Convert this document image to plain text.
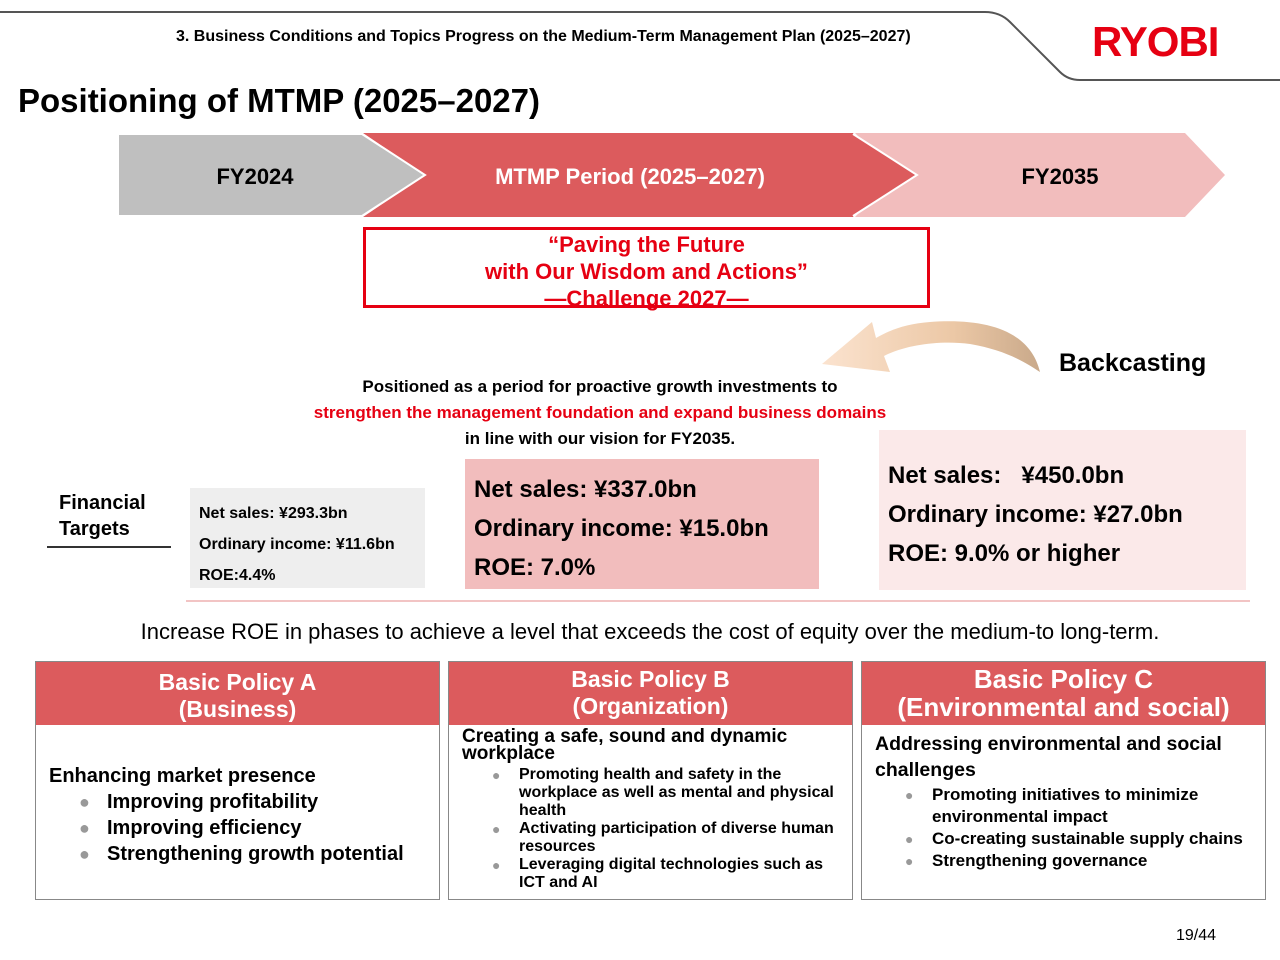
3. Business Conditions and Topics Progress on the Medium-Term Management Plan (2025–2027)	RYOBI
Positioning of MTMP (2025–2027)
FY2024	MTMP Period (2025–2027)	FY2035
“Paving the Future
with Our Wisdom and Actions”
—Challenge 2027—
Backcasting
Positioned as a period for proactive growth investments to
strengthen the management foundation and expand business domains
in line with our vision for FY2035.
Financial
Targets
Net sales: ¥293.3bn
Ordinary income: ¥11.6bn
ROE:4.4%
Net sales: ¥337.0bn
Ordinary income: ¥15.0bn
ROE: 7.0%
Net sales:   ¥450.0bn
Ordinary income: ¥27.0bn
ROE: 9.0% or higher
Increase ROE in phases to achieve a level that exceeds the cost of equity over the medium-to long-term.
Basic Policy A
(Business)
Enhancing market presence
● Improving profitability
● Improving efficiency
● Strengthening growth potential
Basic Policy B
(Organization)
Creating a safe, sound and dynamic workplace
● Promoting health and safety in the workplace as well as mental and physical health
● Activating participation of diverse human resources
● Leveraging digital technologies such as ICT and AI
Basic Policy C
(Environmental and social)
Addressing environmental and social challenges
● Promoting initiatives to minimize environmental impact
● Co-creating sustainable supply chains
● Strengthening governance
19/44
